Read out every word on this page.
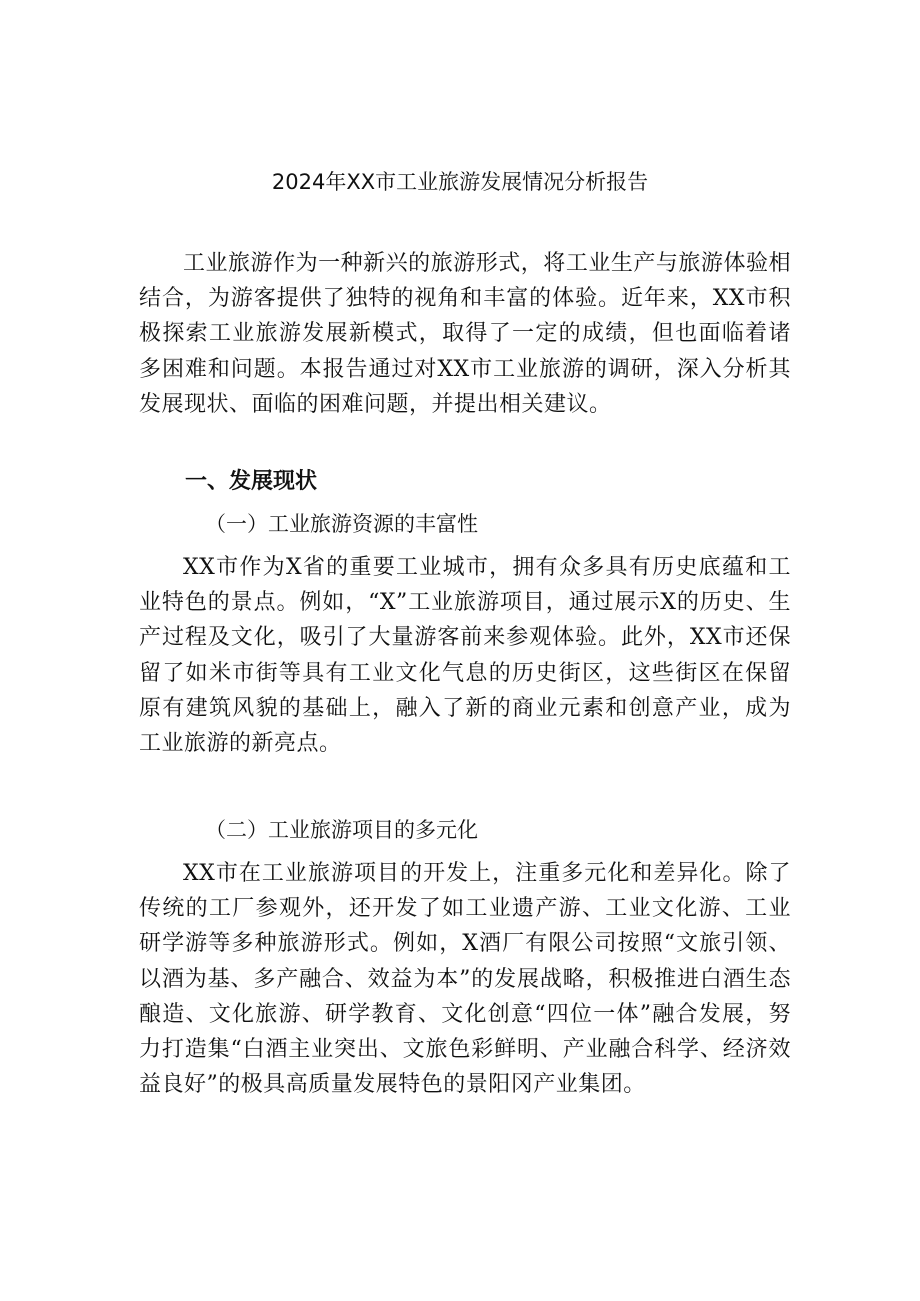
2024年XX市工业旅游发展情况分析报告

工业旅游作为一种新兴的旅游形式，将工业生产与旅游体验相结合，为游客提供了独特的视角和丰富的体验。近年来，XX市积极探索工业旅游发展新模式，取得了一定的成绩，但也面临着诸多困难和问题。本报告通过对XX市工业旅游的调研，深入分析其发展现状、面临的困难问题，并提出相关建议。

一、发展现状
（一）工业旅游资源的丰富性

XX市作为X省的重要工业城市，拥有众多具有历史底蕴和工业特色的景点。例如，“X”工业旅游项目，通过展示X的历史、生产过程及文化，吸引了大量游客前来参观体验。此外，XX市还保留了如米市街等具有工业文化气息的历史街区，这些街区在保留原有建筑风貌的基础上，融入了新的商业元素和创意产业，成为工业旅游的新亮点。

（二）工业旅游项目的多元化

XX市在工业旅游项目的开发上，注重多元化和差异化。除了传统的工厂参观外，还开发了如工业遗产游、工业文化游、工业研学游等多种旅游形式。例如，X酒厂有限公司按照“文旅引领、以酒为基、多产融合、效益为本”的发展战略，积极推进白酒生态酿造、文化旅游、研学教育、文化创意“四位一体”融合发展，努力打造集“白酒主业突出、文旅色彩鲜明、产业融合科学、经济效益良好”的极具高质量发展特色的景阳冈产业集团。
